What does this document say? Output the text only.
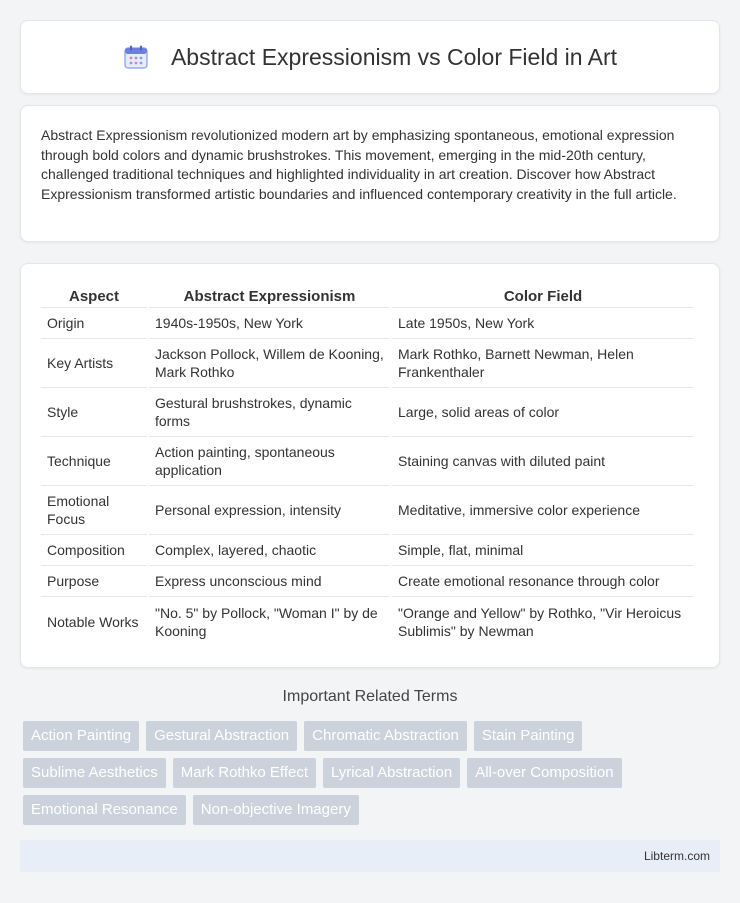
Abstract Expressionism vs Color Field in Art

Abstract Expressionism revolutionized modern art by emphasizing spontaneous, emotional expression through bold colors and dynamic brushstrokes. This movement, emerging in the mid-20th century, challenged traditional techniques and highlighted individuality in art creation. Discover how Abstract Expressionism transformed artistic boundaries and influenced contemporary creativity in the full article.

Aspect	Abstract Expressionism	Color Field
Origin	1940s-1950s, New York	Late 1950s, New York
Key Artists	Jackson Pollock, Willem de Kooning, Mark Rothko	Mark Rothko, Barnett Newman, Helen Frankenthaler
Style	Gestural brushstrokes, dynamic forms	Large, solid areas of color
Technique	Action painting, spontaneous application	Staining canvas with diluted paint
Emotional Focus	Personal expression, intensity	Meditative, immersive color experience
Composition	Complex, layered, chaotic	Simple, flat, minimal
Purpose	Express unconscious mind	Create emotional resonance through color
Notable Works	"No. 5" by Pollock, "Woman I" by de Kooning	"Orange and Yellow" by Rothko, "Vir Heroicus Sublimis" by Newman
Important Related Terms
Action Painting	Gestural Abstraction	Chromatic Abstraction	Stain Painting
Sublime Aesthetics	Mark Rothko Effect	Lyrical Abstraction	All-over Composition
Emotional Resonance	Non-objective Imagery
Libterm.com
